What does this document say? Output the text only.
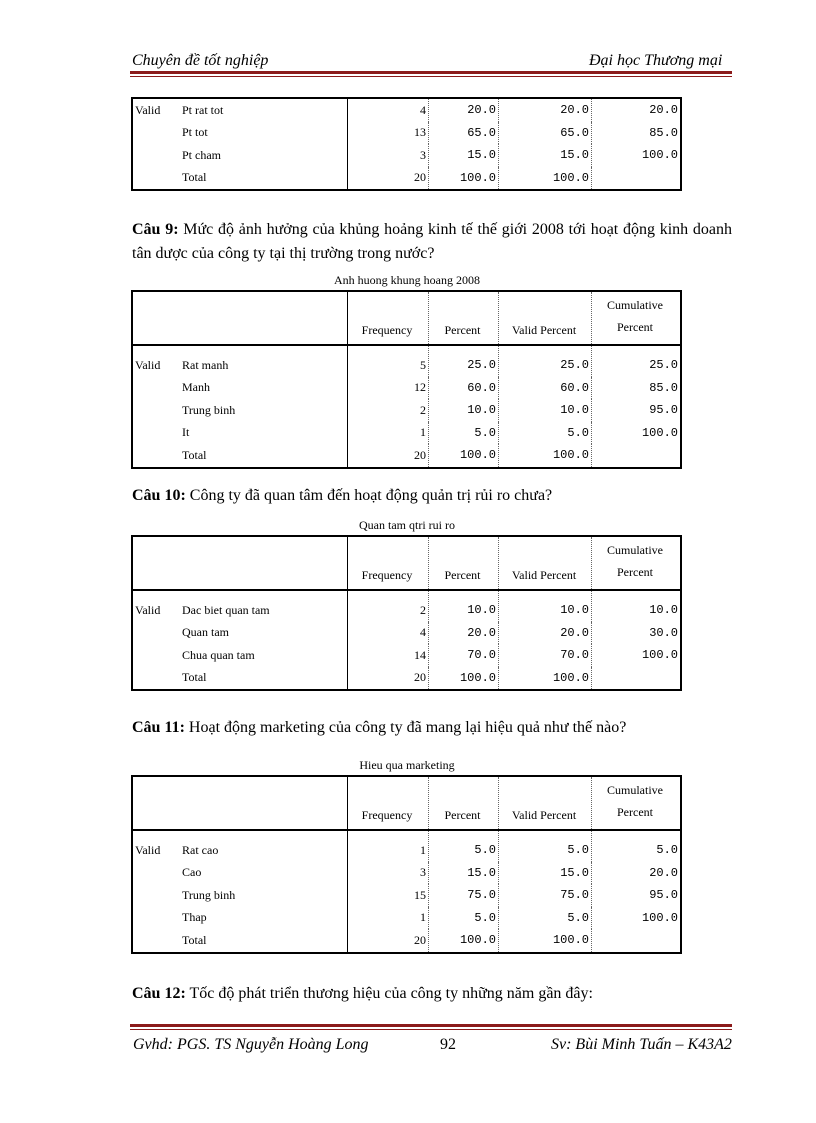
Chuyên đề tốt nghiệp	Đại học Thương mại
Valid	Pt rat tot	4	20.0	20.0	20.0
	Pt tot	13	65.0	65.0	85.0
	Pt cham	3	15.0	15.0	100.0
	Total	20	100.0	100.0	
Câu 9: Mức độ ảnh hưởng của khủng hoảng kinh tế thế giới 2008 tới hoạt động kinh doanh tân dược của công ty tại thị trường trong nước?
Anh huong khung hoang 2008
		Frequency	Percent	Valid Percent	Cumulative
Percent

Valid	Rat manh	5	25.0	25.0	25.0
	Manh	12	60.0	60.0	85.0
	Trung binh	2	10.0	10.0	95.0
	It	1	5.0	5.0	100.0
	Total	20	100.0	100.0	
Câu 10: Công ty đã quan tâm đến hoạt động quản trị rủi ro chưa?
Quan tam qtri rui ro
		Frequency	Percent	Valid Percent	Cumulative
Percent

Valid	Dac biet quan tam	2	10.0	10.0	10.0
	Quan tam	4	20.0	20.0	30.0
	Chua quan tam	14	70.0	70.0	100.0
	Total	20	100.0	100.0	
Câu 11: Hoạt động marketing của công ty đã mang lại hiệu quả như thế nào?
Hieu qua marketing
		Frequency	Percent	Valid Percent	Cumulative
Percent

Valid	Rat cao	1	5.0	5.0	5.0
	Cao	3	15.0	15.0	20.0
	Trung binh	15	75.0	75.0	95.0
	Thap	1	5.0	5.0	100.0
	Total	20	100.0	100.0	
Câu 12: Tốc độ phát triển thương hiệu của công ty những năm gần đây:
Gvhd: PGS. TS Nguyễn Hoàng Long	92	Sv: Bùi Minh Tuấn – K43A2
